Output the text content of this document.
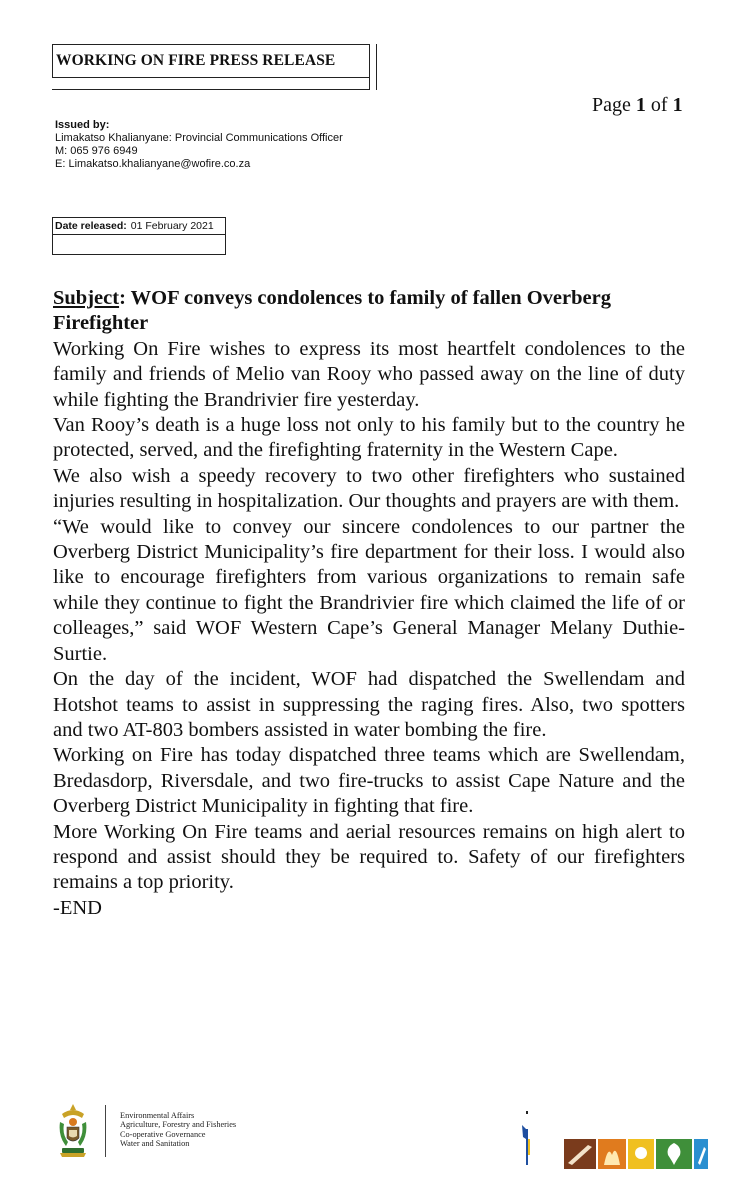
WORKING ON FIRE PRESS RELEASE
Page 1 of 1
Issued by:
Limakatso Khalianyane: Provincial Communications Officer
M: 065 976 6949
E: Limakatso.khalianyane@wofire.co.za
Date released: 01 February 2021
Subject: WOF conveys condolences to family of fallen Overberg Firefighter

Working On Fire wishes to express its most heartfelt condolences to the family and friends of Melio van Rooy who passed away on the line of duty while fighting the Brandrivier fire yesterday.

Van Rooy’s death is a huge loss not only to his family but to the country he protected, served, and the firefighting fraternity in the Western Cape.

We also wish a speedy recovery to two other firefighters who sustained injuries resulting in hospitalization. Our thoughts and prayers are with them.

“We would like to convey our sincere condolences to our partner the Overberg District Municipality’s fire department for their loss. I would also like to encourage firefighters from various organizations to remain safe while they continue to fight the Brandrivier fire which claimed the life of or colleages,” said WOF Western Cape’s General Manager Melany Duthie-Surtie.

On the day of the incident, WOF had dispatched the Swellendam and Hotshot teams to assist in suppressing the raging fires. Also, two spotters and two AT-803 bombers assisted in water bombing the fire.

Working on Fire has today dispatched three teams which are Swellendam, Bredasdorp, Riversdale, and two fire-trucks to assist Cape Nature and the Overberg District Municipality in fighting that fire.

More Working On Fire teams and aerial resources remains on high alert to respond and assist should they be required to. Safety of our firefighters remains a top priority.

-END

Environmental Affairs
Agriculture, Forestry and Fisheries
Co-operative Governance
Water and Sanitation
